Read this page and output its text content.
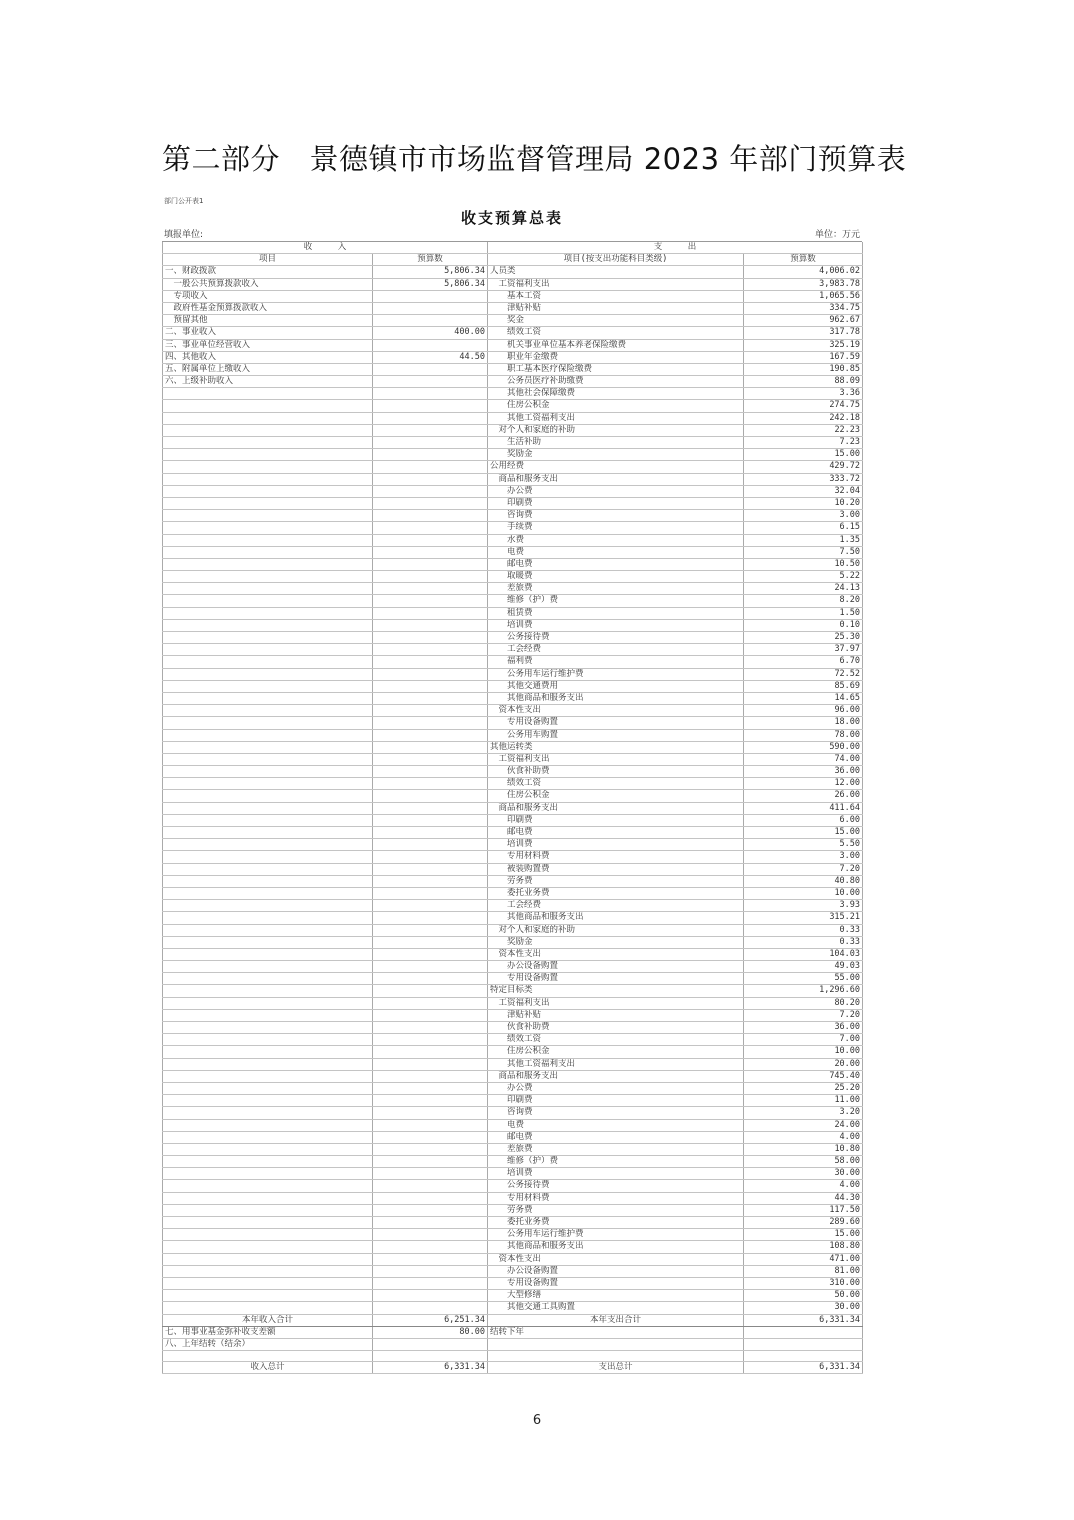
第二部分　景德镇市市场监督管理局 2023 年部门预算表
部门公开表1
收支预算总表
填报单位:	单位：万元
收　　　入		支　　　出	
项目	预算数	项目(按支出功能科目类级)	预算数
一、财政拨款	5,806.34	人员类	4,006.02
　一般公共预算拨款收入	5,806.34	　工资福利支出	3,983.78
　专项收入		　　基本工资	1,065.56
　政府性基金预算拨款收入		　　津贴补贴	334.75
　预留其他		　　奖金	962.67
二、事业收入	400.00	　　绩效工资	317.78
三、事业单位经营收入		　　机关事业单位基本养老保险缴费	325.19
四、其他收入	44.50	　　职业年金缴费	167.59
五、附属单位上缴收入		　　职工基本医疗保险缴费	190.85
六、上级补助收入		　　公务员医疗补助缴费	88.09
		　　其他社会保障缴费	3.36
		　　住房公积金	274.75
		　　其他工资福利支出	242.18
		　对个人和家庭的补助	22.23
		　　生活补助	7.23
		　　奖励金	15.00
		公用经费	429.72
		　商品和服务支出	333.72
		　　办公费	32.04
		　　印刷费	10.20
		　　咨询费	3.00
		　　手续费	6.15
		　　水费	1.35
		　　电费	7.50
		　　邮电费	10.50
		　　取暖费	5.22
		　　差旅费	24.13
		　　维修（护）费	8.20
		　　租赁费	1.50
		　　培训费	0.10
		　　公务接待费	25.30
		　　工会经费	37.97
		　　福利费	6.70
		　　公务用车运行维护费	72.52
		　　其他交通费用	85.69
		　　其他商品和服务支出	14.65
		　资本性支出	96.00
		　　专用设备购置	18.00
		　　公务用车购置	78.00
		其他运转类	590.00
		　工资福利支出	74.00
		　　伙食补助费	36.00
		　　绩效工资	12.00
		　　住房公积金	26.00
		　商品和服务支出	411.64
		　　印刷费	6.00
		　　邮电费	15.00
		　　培训费	5.50
		　　专用材料费	3.00
		　　被装购置费	7.20
		　　劳务费	40.80
		　　委托业务费	10.00
		　　工会经费	3.93
		　　其他商品和服务支出	315.21
		　对个人和家庭的补助	0.33
		　　奖励金	0.33
		　资本性支出	104.03
		　　办公设备购置	49.03
		　　专用设备购置	55.00
		特定目标类	1,296.60
		　工资福利支出	80.20
		　　津贴补贴	7.20
		　　伙食补助费	36.00
		　　绩效工资	7.00
		　　住房公积金	10.00
		　　其他工资福利支出	20.00
		　商品和服务支出	745.40
		　　办公费	25.20
		　　印刷费	11.00
		　　咨询费	3.20
		　　电费	24.00
		　　邮电费	4.00
		　　差旅费	10.80
		　　维修（护）费	58.00
		　　培训费	30.00
		　　公务接待费	4.00
		　　专用材料费	44.30
		　　劳务费	117.50
		　　委托业务费	289.60
		　　公务用车运行维护费	15.00
		　　其他商品和服务支出	108.80
		　资本性支出	471.00
		　　办公设备购置	81.00
		　　专用设备购置	310.00
		　　大型修缮	50.00
		　　其他交通工具购置	30.00
本年收入合计	6,251.34	本年支出合计	6,331.34
七、用事业基金弥补收支差额	80.00	结转下年	
八、上年结转（结余）			

收入总计	6,331.34	支出总计	6,331.34
6
